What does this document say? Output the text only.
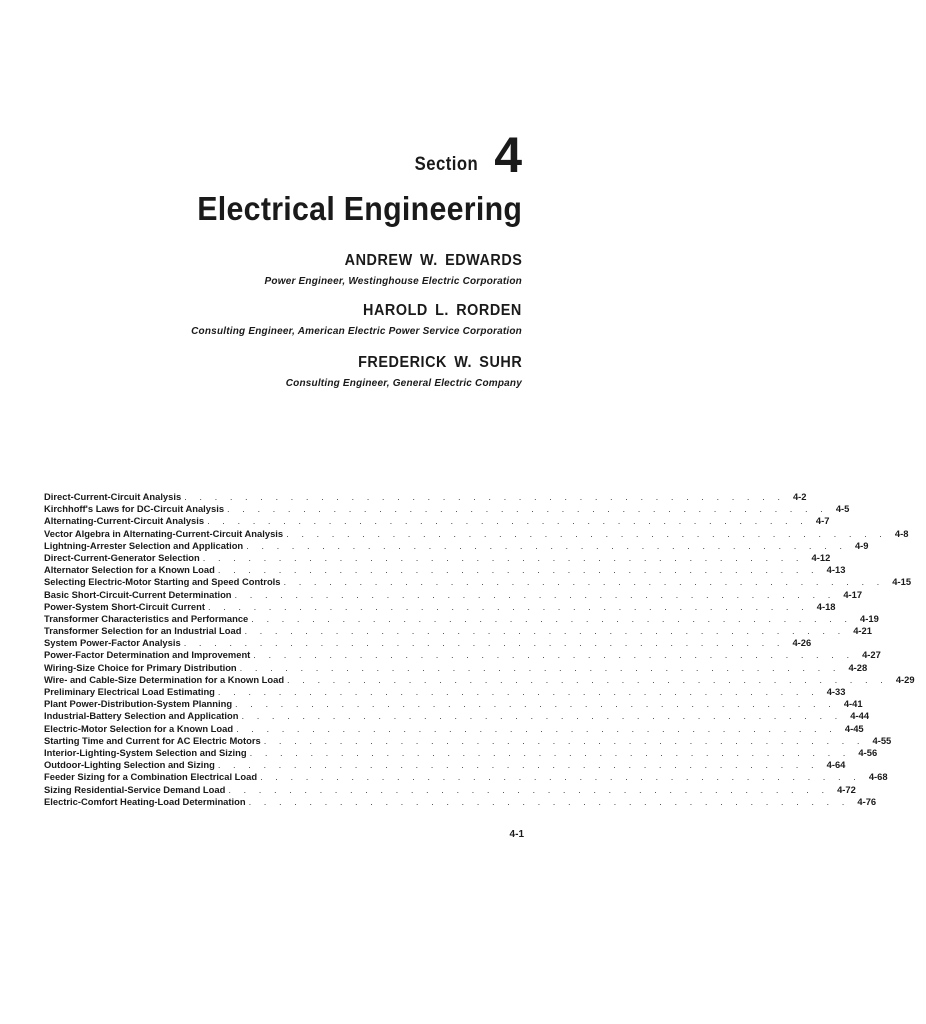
Section 4
Electrical Engineering
ANDREW W. EDWARDS
Power Engineer, Westinghouse Electric Corporation
HAROLD L. RORDEN
Consulting Engineer, American Electric Power Service Corporation
FREDERICK W. SUHR
Consulting Engineer, General Electric Company
Direct-Current-Circuit Analysis . . . . . . . . . . . . . . . . . . . . . . . . . . . . . . . . . . . . . . . . 4-2
Kirchhoff's Laws for DC-Circuit Analysis . . . . . . . . . . . . . . . . . . . . . . . . . . . . . . . . . . . . . . . . 4-5
Alternating-Current-Circuit Analysis . . . . . . . . . . . . . . . . . . . . . . . . . . . . . . . . . . . . . . . . 4-7
Vector Algebra in Alternating-Current-Circuit Analysis . . . . . . . . . . . . . . . . . . . . . . . . . . . . . . . . . . . . . . . . 4-8
Lightning-Arrester Selection and Application . . . . . . . . . . . . . . . . . . . . . . . . . . . . . . . . . . . . . . . . 4-9
Direct-Current-Generator Selection . . . . . . . . . . . . . . . . . . . . . . . . . . . . . . . . . . . . . . . . 4-12
Alternator Selection for a Known Load . . . . . . . . . . . . . . . . . . . . . . . . . . . . . . . . . . . . . . . . 4-13
Selecting Electric-Motor Starting and Speed Controls . . . . . . . . . . . . . . . . . . . . . . . . . . . . . . . . . . . . . . . . 4-15
Basic Short-Circuit-Current Determination . . . . . . . . . . . . . . . . . . . . . . . . . . . . . . . . . . . . . . . . 4-17
Power-System Short-Circuit Current . . . . . . . . . . . . . . . . . . . . . . . . . . . . . . . . . . . . . . . . 4-18
Transformer Characteristics and Performance . . . . . . . . . . . . . . . . . . . . . . . . . . . . . . . . . . . . . . . . 4-19
Transformer Selection for an Industrial Load . . . . . . . . . . . . . . . . . . . . . . . . . . . . . . . . . . . . . . . . 4-21
System Power-Factor Analysis . . . . . . . . . . . . . . . . . . . . . . . . . . . . . . . . . . . . . . . . 4-26
Power-Factor Determination and Improvement . . . . . . . . . . . . . . . . . . . . . . . . . . . . . . . . . . . . . . . . 4-27
Wiring-Size Choice for Primary Distribution . . . . . . . . . . . . . . . . . . . . . . . . . . . . . . . . . . . . . . . . 4-28
Wire- and Cable-Size Determination for a Known Load . . . . . . . . . . . . . . . . . . . . . . . . . . . . . . . . . . . . . . . . 4-29
Preliminary Electrical Load Estimating . . . . . . . . . . . . . . . . . . . . . . . . . . . . . . . . . . . . . . . . 4-33
Plant Power-Distribution-System Planning . . . . . . . . . . . . . . . . . . . . . . . . . . . . . . . . . . . . . . . . 4-41
Industrial-Battery Selection and Application . . . . . . . . . . . . . . . . . . . . . . . . . . . . . . . . . . . . . . . . 4-44
Electric-Motor Selection for a Known Load . . . . . . . . . . . . . . . . . . . . . . . . . . . . . . . . . . . . . . . . 4-45
Starting Time and Current for AC Electric Motors . . . . . . . . . . . . . . . . . . . . . . . . . . . . . . . . . . . . . . . . 4-55
Interior-Lighting-System Selection and Sizing . . . . . . . . . . . . . . . . . . . . . . . . . . . . . . . . . . . . . . . . 4-56
Outdoor-Lighting Selection and Sizing . . . . . . . . . . . . . . . . . . . . . . . . . . . . . . . . . . . . . . . . 4-64
Feeder Sizing for a Combination Electrical Load . . . . . . . . . . . . . . . . . . . . . . . . . . . . . . . . . . . . . . . . 4-68
Sizing Residential-Service Demand Load . . . . . . . . . . . . . . . . . . . . . . . . . . . . . . . . . . . . . . . . 4-72
Electric-Comfort Heating-Load Determination . . . . . . . . . . . . . . . . . . . . . . . . . . . . . . . . . . . . . . . . 4-76
4-1
